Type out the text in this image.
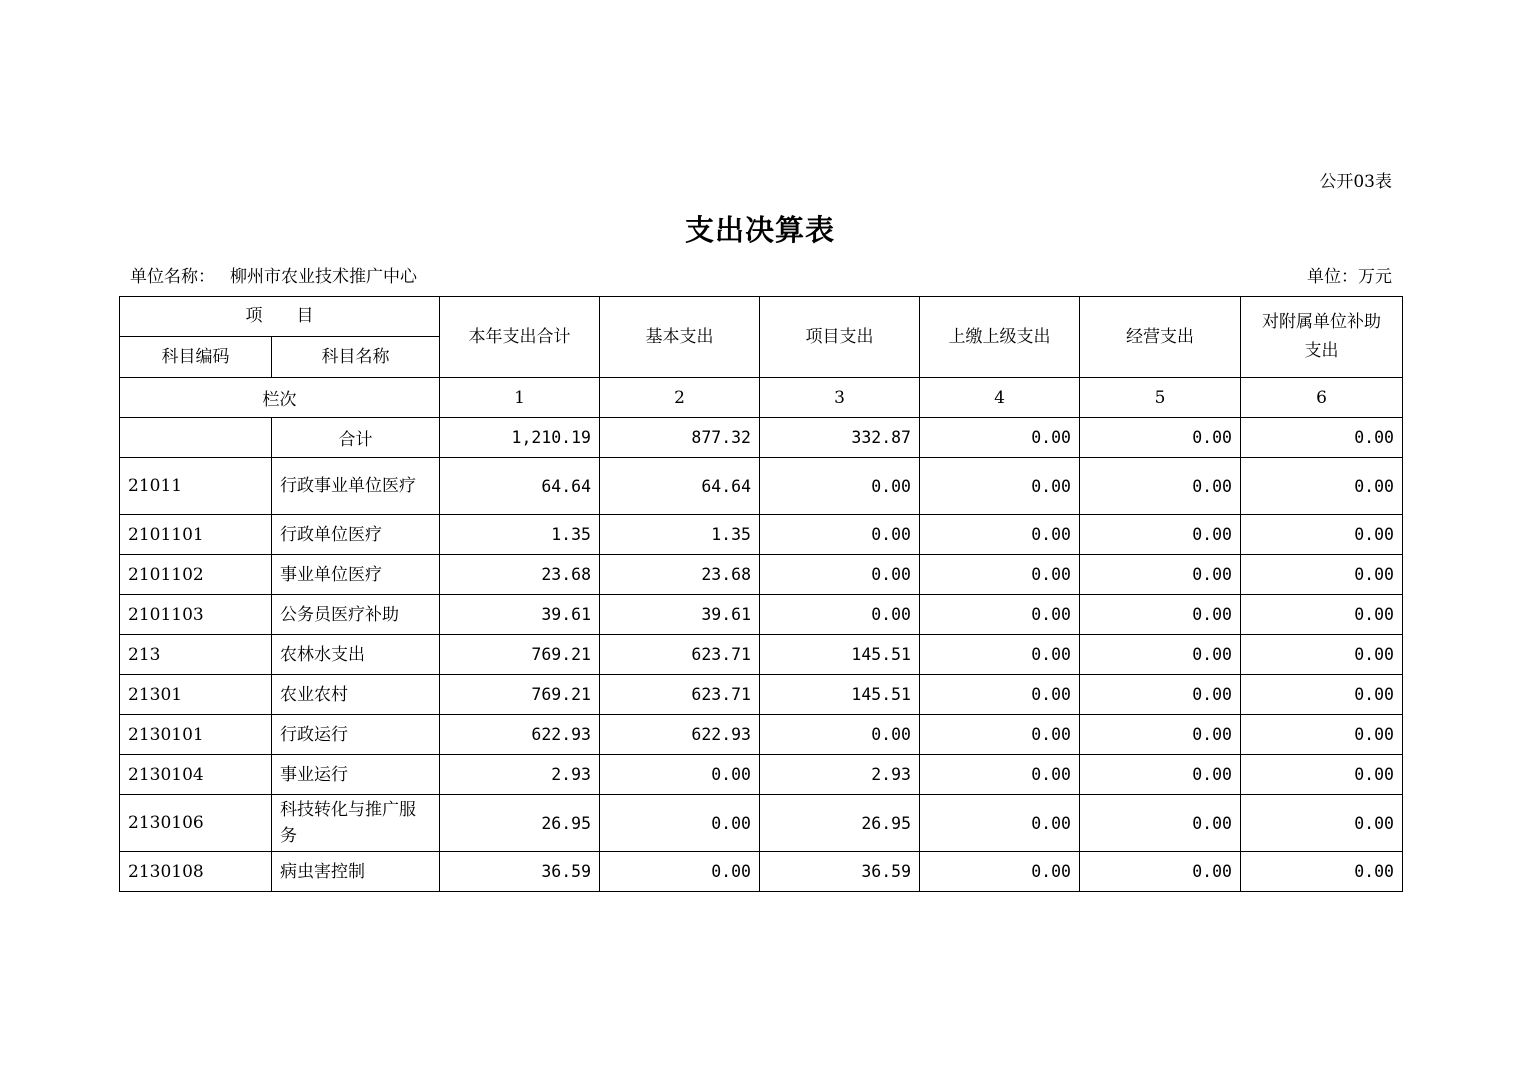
公开03表
支出决算表
单位名称： 柳州市农业技术推广中心	单位：万元
项　　目		本年支出合计	基本支出	项目支出	上缴上级支出	经营支出	对附属单位补助支出
科目编码	科目名称						
栏次		1	2	3	4	5	6
	合计	1,210.19	877.32	332.87	0.00	0.00	0.00
21011	行政事业单位医疗	64.64	64.64	0.00	0.00	0.00	0.00
2101101	行政单位医疗	1.35	1.35	0.00	0.00	0.00	0.00
2101102	事业单位医疗	23.68	23.68	0.00	0.00	0.00	0.00
2101103	公务员医疗补助	39.61	39.61	0.00	0.00	0.00	0.00
213	农林水支出	769.21	623.71	145.51	0.00	0.00	0.00
21301	农业农村	769.21	623.71	145.51	0.00	0.00	0.00
2130101	行政运行	622.93	622.93	0.00	0.00	0.00	0.00
2130104	事业运行	2.93	0.00	2.93	0.00	0.00	0.00
2130106	科技转化与推广服务	26.95	0.00	26.95	0.00	0.00	0.00
2130108	病虫害控制	36.59	0.00	36.59	0.00	0.00	0.00
